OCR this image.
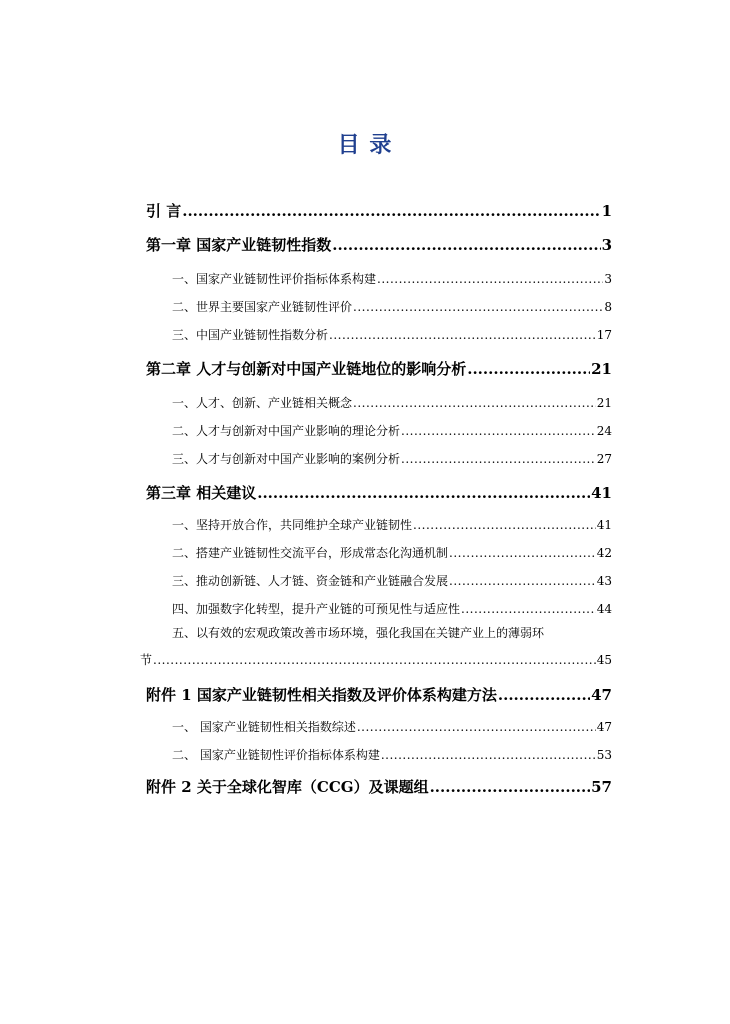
目 录
引 言 .....	1
第一章 国家产业链韧性指数 .....	3
一、国家产业链韧性评价指标体系构建 .....	3
二、世界主要国家产业链韧性评价 .....	8
三、中国产业链韧性指数分析 .....	17
第二章 人才与创新对中国产业链地位的影响分析 .....	21
一、人才、创新、产业链相关概念 .....	21
二、人才与创新对中国产业影响的理论分析 .....	24
三、人才与创新对中国产业影响的案例分析 .....	27
第三章 相关建议 .....	41
一、坚持开放合作，共同维护全球产业链韧性 .....	41
二、搭建产业链韧性交流平台，形成常态化沟通机制 .....	42
三、推动创新链、人才链、资金链和产业链融合发展 .....	43
四、加强数字化转型，提升产业链的可预见性与适应性 .....	44
五、以有效的宏观政策改善市场环境，强化我国在关键产业上的薄弱环
节 .....	45
附件 1 国家产业链韧性相关指数及评价体系构建方法 .....	47
一、 国家产业链韧性相关指数综述 .....	47
二、 国家产业链韧性评价指标体系构建 .....	53
附件 2 关于全球化智库（CCG）及课题组 .....	57
